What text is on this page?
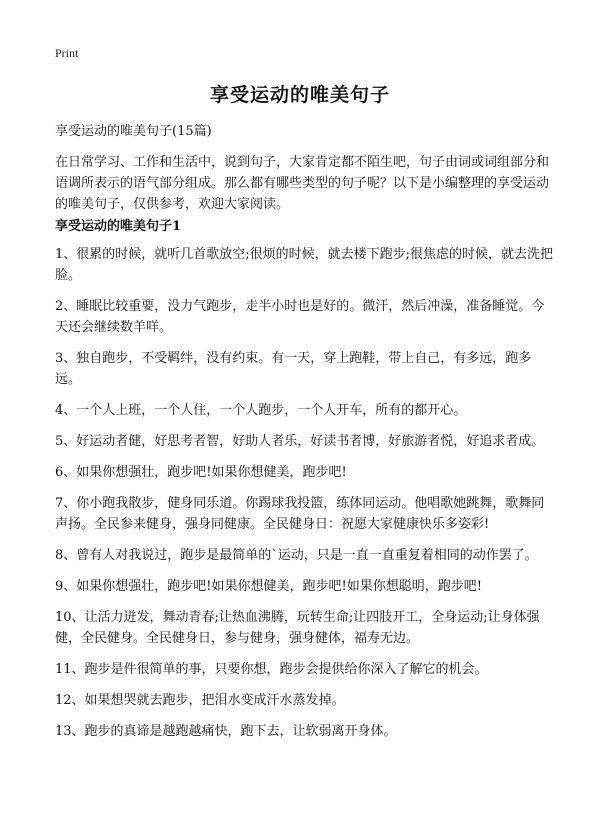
Print
享受运动的唯美句子
享受运动的唯美句子(15篇)
在日常学习、工作和生活中，说到句子，大家肯定都不陌生吧，句子由词或词组部分和语调所表示的语气部分组成。那么都有哪些类型的句子呢？以下是小编整理的享受运动的唯美句子，仅供参考，欢迎大家阅读。
享受运动的唯美句子1
1、很累的时候，就听几首歌放空;很烦的时候，就去楼下跑步;很焦虑的时候，就去洗把脸。
2、睡眠比较重要，没力气跑步，走半小时也是好的。微汗，然后冲澡，准备睡觉。今天还会继续数羊咩。
3、独自跑步，不受羁绊，没有约束。有一天，穿上跑鞋，带上自己，有多远，跑多远。
4、一个人上班，一个人住，一个人跑步，一个人开车，所有的都开心。
5、好运动者健，好思考者智，好助人者乐，好读书者博，好旅游者悦，好追求者成。
6、如果你想强壮，跑步吧!如果你想健美，跑步吧!
7、你小跑我散步，健身同乐道。你踢球我投篮，练体同运动。他唱歌她跳舞，歌舞同声扬。全民参来健身，强身同健康。全民健身日：祝愿大家健康快乐多姿彩!
8、曾有人对我说过，跑步是最简单的`运动，只是一直一直重复着相同的动作罢了。
9、如果你想强壮，跑步吧!如果你想健美，跑步吧!如果你想聪明，跑步吧!
10、让活力迸发，舞动青春;让热血沸腾，玩转生命;让四肢开工，全身运动;让身体强健，全民健身。全民健身日，参与健身，强身健体，福寿无边。
11、跑步是件很简单的事，只要你想，跑步会提供给你深入了解它的机会。
12、如果想哭就去跑步，把泪水变成汗水蒸发掉。
13、跑步的真谛是越跑越痛快，跑下去，让软弱离开身体。
